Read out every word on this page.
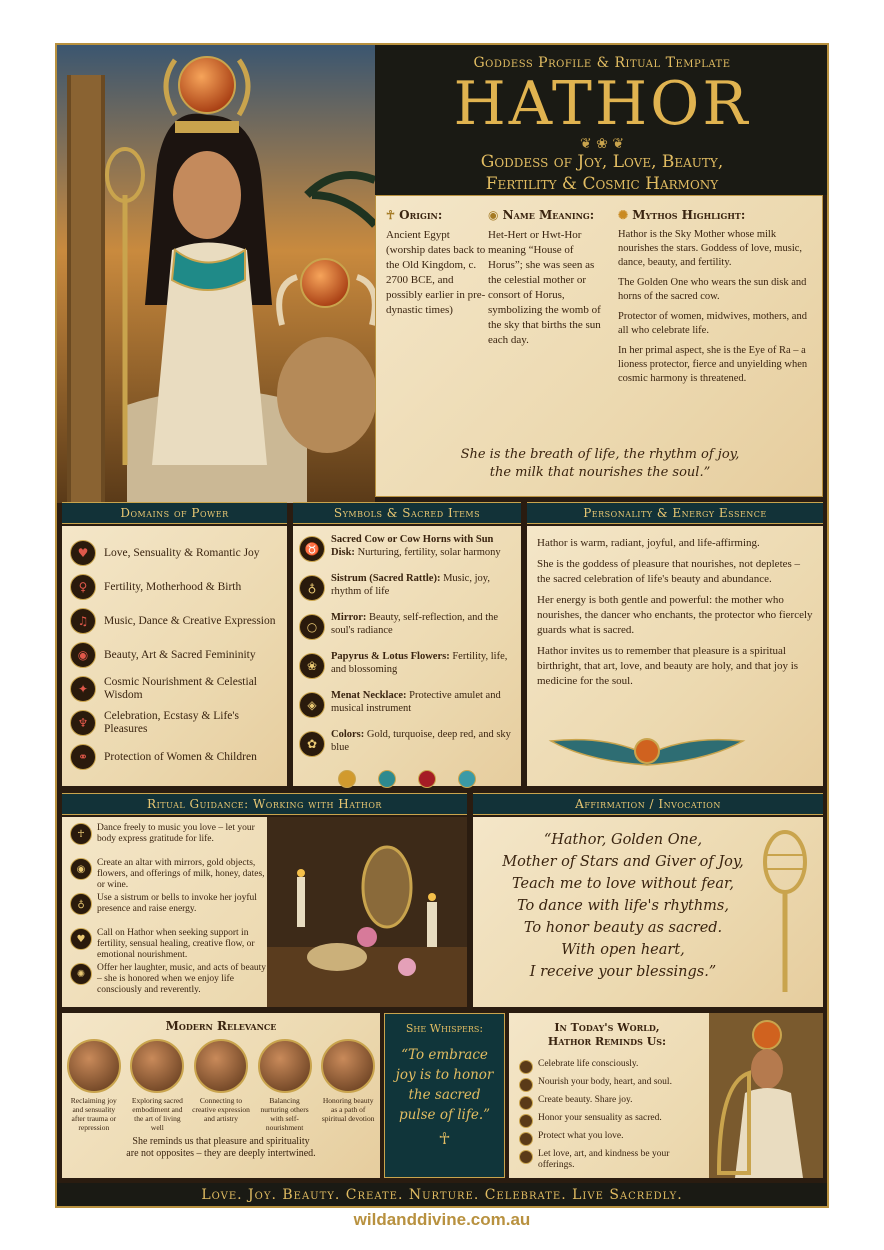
Goddess Profile & Ritual Template
HATHOR
❦ ❀ ❦
Goddess of Joy, Love, Beauty,
Fertility & Cosmic Harmony
☥ Origin:
Ancient Egypt (worship dates back to the Old Kingdom, c. 2700 BCE, and possibly earlier in pre-dynastic times)
◉ Name Meaning:
Het-Hert or Hwt-Hor meaning “House of Horus”; she was seen as the celestial mother or consort of Horus, symbolizing the womb of the sky that births the sun each day.
✺ Mythos Highlight:

Hathor is the Sky Mother whose milk nourishes the stars. Goddess of love, music, dance, beauty, and fertility.

The Golden One who wears the sun disk and horns of the sacred cow.

Protector of women, midwives, mothers, and all who celebrate life.

In her primal aspect, she is the Eye of Ra – a lioness protector, fierce and unyielding when cosmic harmony is threatened.

She is the breath of life, the rhythm of joy,
the milk that nourishes the soul.”
Domains of Power	Symbols & Sacred Items	Personality & Energy Essence
♥	Love, Sensuality & Romantic Joy
♀	Fertility, Motherhood & Birth
♫	Music, Dance & Creative Expression
◉	Beauty, Art & Sacred Femininity
✦	Cosmic Nourishment & Celestial Wisdom
♆	Celebration, Ecstasy & Life's Pleasures
⚭	Protection of Women & Children
♉
Sacred Cow or Cow Horns with Sun Disk: Nurturing, fertility, solar harmony
♁
Sistrum (Sacred Rattle): Music, joy, rhythm of life
○
Mirror: Beauty, self-reflection, and the soul's radiance
❀
Papyrus & Lotus Flowers: Fertility, life, and blossoming
◈
Menat Necklace: Protective amulet and musical instrument
✿
Colors: Gold, turquoise, deep red, and sky blue

Hathor is warm, radiant, joyful, and life-affirming.

She is the goddess of pleasure that nourishes, not depletes – the sacred celebration of life's beauty and abundance.

Her energy is both gentle and powerful: the mother who nourishes, the dancer who enchants, the protector who fiercely guards what is sacred.

Hathor invites us to remember that pleasure is a spiritual birthright, that art, love, and beauty are holy, and that joy is medicine for the soul.

Ritual Guidance: Working with Hathor	Affirmation / Invocation
☥
Dance freely to music you love – let your body express gratitude for life.
◉
Create an altar with mirrors, gold objects, flowers, and offerings of milk, honey, dates, or wine.
♁
Use a sistrum or bells to invoke her joyful presence and raise energy.
♥
Call on Hathor when seeking support in fertility, sensual healing, creative flow, or emotional nourishment.
✺
Offer her laughter, music, and acts of beauty – she is honored when we enjoy life consciously and reverently.
“Hathor, Golden One,
Mother of Stars and Giver of Joy,
Teach me to love without fear,
To dance with life's rhythms,
To honor beauty as sacred.
With open heart,
I receive your blessings.”
Modern Relevance
Reclaiming joy and sensuality after trauma or repression
Exploring sacred embodiment and the art of living well
Connecting to creative expression and artistry
Balancing nurturing others with self-nourishment
Honoring beauty as a path of spiritual devotion
She reminds us that pleasure and spirituality
are not opposites – they are deeply intertwined.
She Whispers:
“To embrace
joy is to honor
the sacred
pulse of life.”
☥
In Today's World,
Hathor Reminds Us:
Celebrate life consciously.
Nourish your body, heart, and soul.
Create beauty. Share joy.
Honor your sensuality as sacred.
Protect what you love.
Let love, art, and kindness be your offerings.
Love. Joy. Beauty. Create. Nurture. Celebrate. Live Sacredly.
wildanddivine.com.au
